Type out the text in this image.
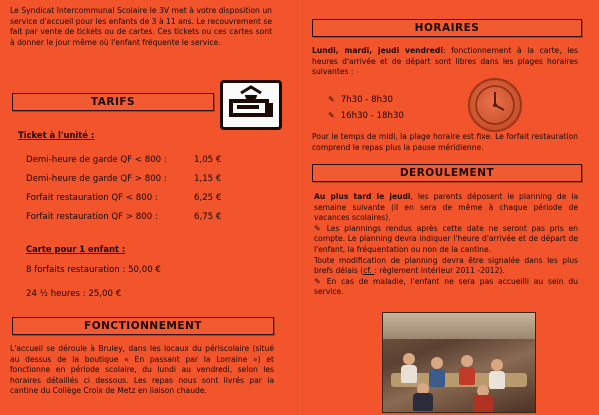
Le Syndicat Intercommunal Scolaire le 3V met à votre disposition un service d'accueil pour les enfants de 3 à 11 ans. Le recouvrement se fait par vente de tickets ou de cartes. Ces tickets ou ces cartes sont à donner le jour même où l'enfant fréquente le service.

TARIFS

Ticket à l'unité :

Demi-heure de garde QF < 800 :	1,05 €
Demi-heure de garde QF > 800 :	1,15 €
Forfait restauration QF < 800 :	6,25 €
Forfait restauration QF > 800 :	6,75 €

Carte pour 1 enfant :

8 forfaits restauration : 50,00 €

24 ½ heures : 25,00 €

FONCTIONNEMENT

L'accueil se déroule à Bruley, dans les locaux du périscolaire (situé au dessus de la boutique « En passant par la Lorraine ») et fonctionne en période scolaire, du lundi au vendredi, selon les horaires détaillés ci dessous. Les repas nous sont livrés par la cantine du Collège Croix de Metz en liaison chaude.

HORAIRES

Lundi, mardi, jeudi vendredi: fonctionnement à la carte, les heures d'arrivée et de départ sont libres dans les plages horaires suivantes :

✎ 7h30 - 8h30
✎ 16h30 - 18h30

Pour le temps de midi, la plage horaire est fixe. Le forfait restauration comprend le repas plus la pause méridienne.

DEROULEMENT

Au plus tard le jeudi, les parents déposent le planning de la semaine suivante (il en sera de même à chaque période de vacances scolaires).

✎ Les plannings rendus après cette date ne seront pas pris en compte. Le planning devra indiquer l'heure d'arrivée et de départ de l'enfant, la fréquentation ou non de la cantine.

Toute modification de planning devra être signalée dans les plus brefs délais (cf. : règlement intérieur 2011 -2012).

✎ En cas de maladie, l'enfant ne sera pas accueilli au sein du service.
